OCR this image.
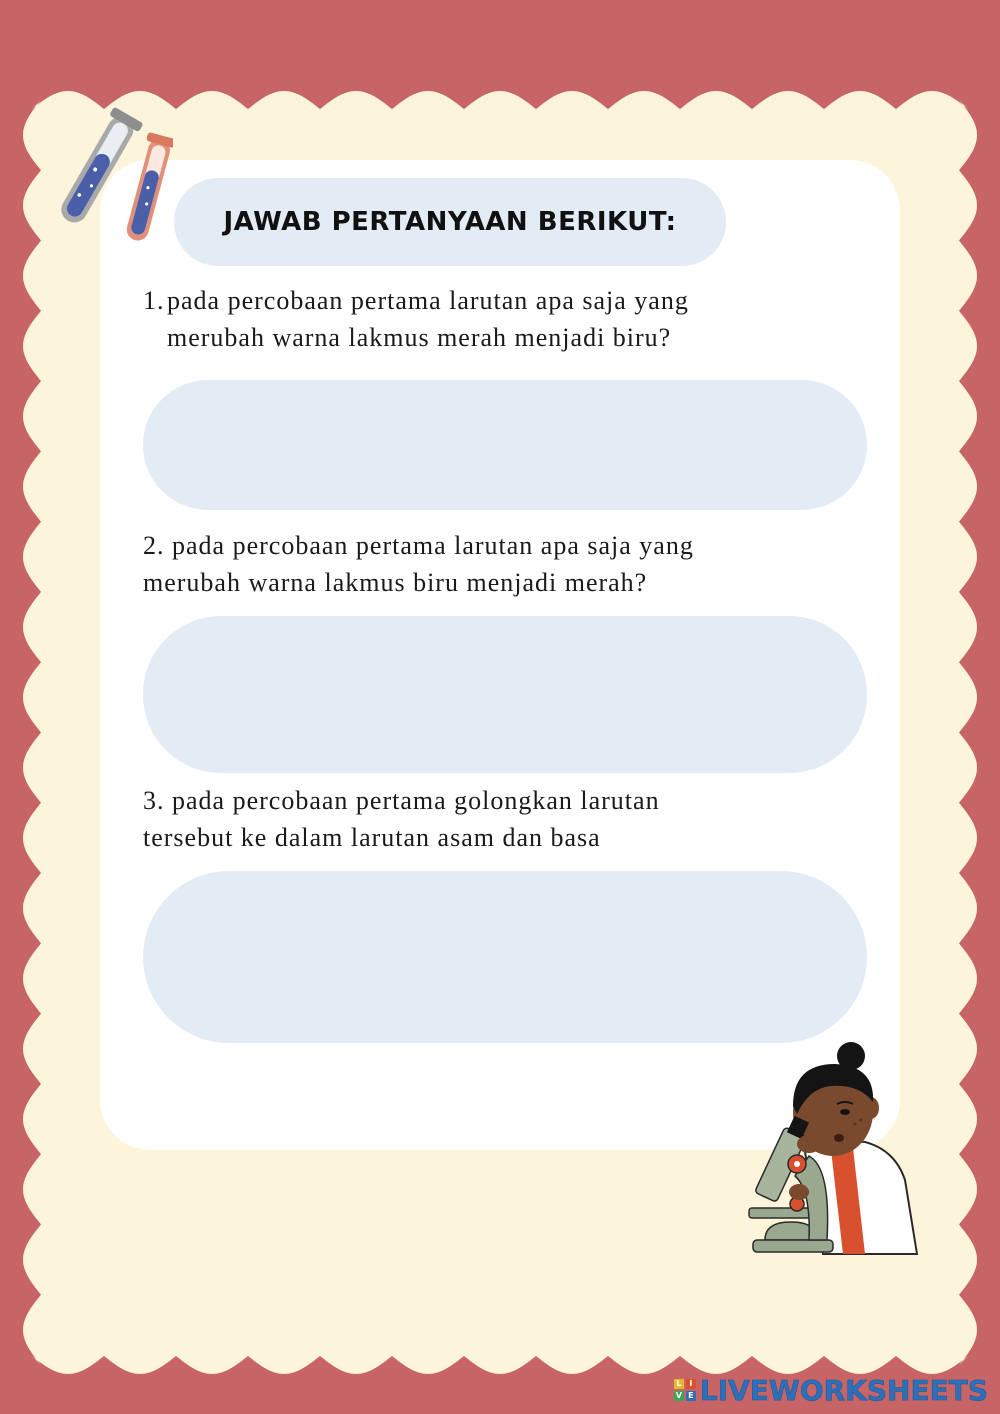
JAWAB PERTANYAAN BERIKUT:
1.pada percobaan pertama larutan apa saja yang
merubah warna lakmus merah menjadi biru?
2. pada percobaan pertama larutan apa saja yang
merubah warna lakmus biru menjadi merah?
3. pada percobaan pertama golongkan larutan
tersebut ke dalam larutan asam dan basa
L I
V E LIVEWORKSHEETS
